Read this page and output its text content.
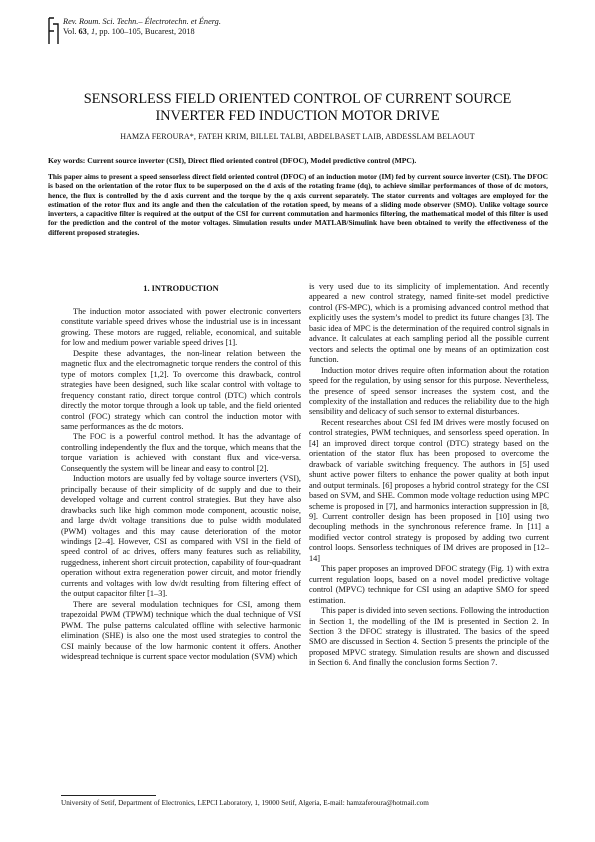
Rev. Roum. Sci. Techn.– Électrotechn. et Énerg.
Vol. 63, 1, pp. 100–105, Bucarest, 2018
SENSORLESS FIELD ORIENTED CONTROL OF CURRENT SOURCE
INVERTER FED INDUCTION MOTOR DRIVE
HAMZA FEROURA*, FATEH KRIM, BILLEL TALBI, ABDELBASET LAIB, ABDESSLAM BELAOUT
Key words: Current source inverter (CSI), Direct flied oriented control (DFOC), Model predictive control (MPC).
This paper aims to present a speed sensorless direct field oriented control (DFOC) of an induction motor (IM) fed by current source inverter (CSI). The DFOC is based on the orientation of the rotor flux to be superposed on the d axis of the rotating frame (dq), to achieve similar performances of those of dc motors, hence, the flux is controlled by the d axis current and the torque by the q axis current separately. The stator currents and voltages are employed for the estimation of the rotor flux and its angle and then the calculation of the rotation speed, by means of a sliding mode observer (SMO). Unlike voltage source inverters, a capacitive filter is required at the output of the CSI for current commutation and harmonics filtering, the mathematical model of this filter is used for the prediction and the control of the motor voltages. Simulation results under MATLAB/Simulink have been obtained to verify the effectiveness of the different proposed strategies.
1. INTRODUCTION

The induction motor associated with power electronic converters constitute variable speed drives whose the industrial use is in incessant growing. These motors are rugged, reliable, economical, and suitable for low and medium power variable speed drives [1].

Despite these advantages, the non-linear relation between the magnetic flux and the electromagnetic torque renders the control of this type of motors complex [1,2]. To overcome this drawback, control strategies have been designed, such like scalar control with voltage to frequency constant ratio, direct torque control (DTC) which controls directly the motor torque through a look up table, and the field oriented control (FOC) strategy which can control the induction motor with same performances as the dc motors.

The FOC is a powerful control method. It has the advantage of controlling independently the flux and the torque, which means that the torque variation is achieved with constant flux and vice-versa. Consequently the system will be linear and easy to control [2].

Induction motors are usually fed by voltage source inverters (VSI), principally because of their simplicity of dc supply and due to their developed voltage and current control strategies. But they have also drawbacks such like high common mode component, acoustic noise, and large dv/dt voltage transitions due to pulse width modulated (PWM) voltages and this may cause deterioration of the motor windings [2–4]. However, CSI as compared with VSI in the field of speed control of ac drives, offers many features such as reliability, ruggedness, inherent short circuit protection, capability of four-quadrant operation without extra regeneration power circuit, and motor friendly currents and voltages with low dv/dt resulting from filtering effect of the output capacitor filter [1–3].

There are several modulation techniques for CSI, among them trapezoidal PWM (TPWM) technique which the dual technique of VSI PWM. The pulse patterns calculated offline with selective harmonic elimination (SHE) is also one the most used strategies to control the CSI mainly because of the low harmonic content it offers. Another widespread technique is current space vector modulation (SVM) which

is very used due to its simplicity of implementation. And recently appeared a new control strategy, named finite-set model predictive control (FS-MPC), which is a promising advanced control method that explicitly uses the system’s model to predict its future changes [3]. The basic idea of MPC is the determination of the required control signals in advance. It calculates at each sampling period all the possible current vectors and selects the optimal one by means of an optimization cost function.

Induction motor drives require often information about the rotation speed for the regulation, by using sensor for this purpose. Nevertheless, the presence of speed sensor increases the system cost, and the complexity of the installation and reduces the reliability due to the high sensibility and delicacy of such sensor to external disturbances.

Recent researches about CSI fed IM drives were mostly focused on control strategies, PWM techniques, and sensorless speed operation. In [4] an improved direct torque control (DTC) strategy based on the orientation of the stator flux has been proposed to overcome the drawback of variable switching frequency. The authors in [5] used shunt active power filters to enhance the power quality at both input and output terminals. [6] proposes a hybrid control strategy for the CSI based on SVM, and SHE. Common mode voltage reduction using MPC scheme is proposed in [7], and harmonics interaction suppression in [8, 9]. Current controller design has been proposed in [10] using two decoupling methods in the synchronous reference frame. In [11] a modified vector control strategy is proposed by adding two current control loops. Sensorless techniques of IM drives are proposed in [12–14]

This paper proposes an improved DFOC strategy (Fig. 1) with extra current regulation loops, based on a novel model predictive voltage control (MPVC) technique for CSI using an adaptive SMO for speed estimation.

This paper is divided into seven sections. Following the introduction in Section 1, the modelling of the IM is presented in Section 2. In Section 3 the DFOC strategy is illustrated. The basics of the speed SMO are discussed in Section 4. Section 5 presents the principle of the proposed MPVC strategy. Simulation results are shown and discussed in Section 6. And finally the conclusion forms Section 7.

University of Setif, Department of Electronics, LEPCI Laboratory, 1, 19000 Setif, Algeria, E-mail: hamzaferoura@hotmail.com
